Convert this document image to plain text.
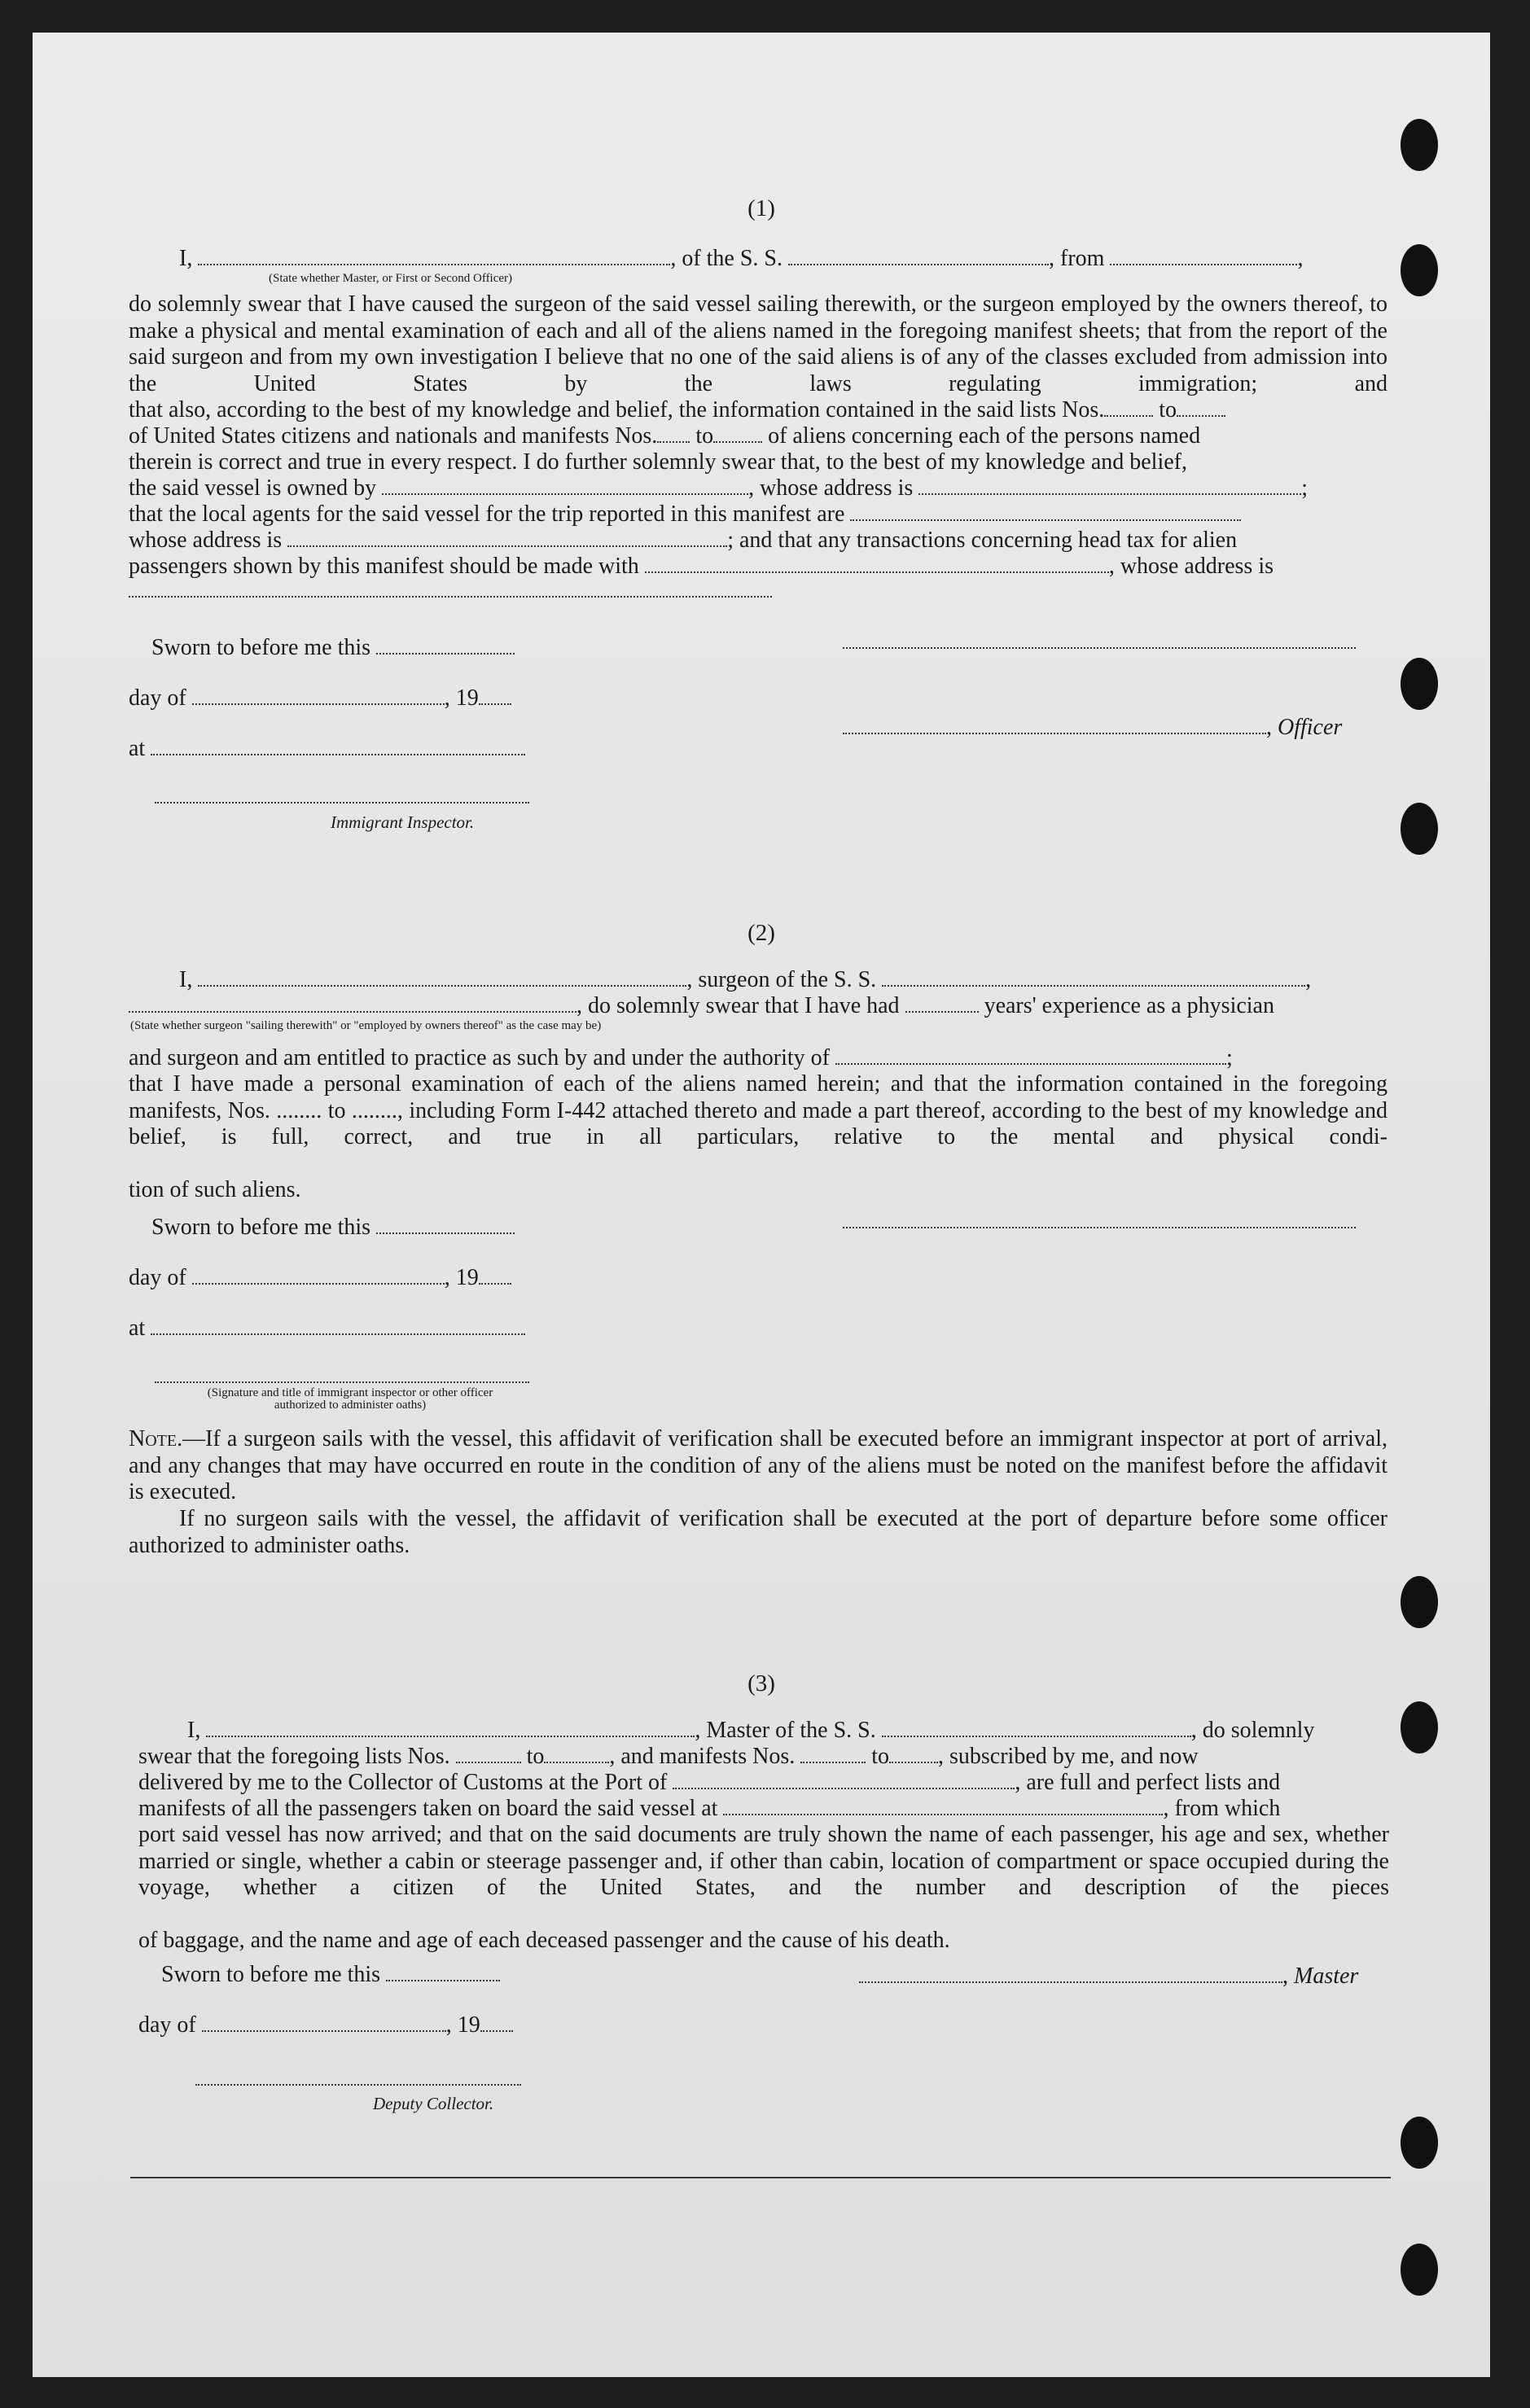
(1)
I,	, of the S. S.	, from	,
(State whether Master, or First or Second Officer)
do solemnly swear that I have caused the surgeon of the said vessel sailing therewith, or the surgeon employed by the owners thereof, to make a physical and mental examination of each and all of the aliens named in the foregoing manifest sheets; that from the report of the said surgeon and from my own investigation I believe that no one of the said aliens is of any of the classes excluded from admission into the United States by the laws regulating immigration; and
that also, according to the best of my knowledge and belief, the information contained in the said lists Nos. to
of United States citizens and nationals and manifests Nos. to of aliens concerning each of the persons named
therein is correct and true in every respect. I do further solemnly swear that, to the best of my knowledge and belief,
the said vessel is owned by	, whose address is	;
that the local agents for the said vessel for the trip reported in this manifest are
whose address is	; and that any transactions concerning head tax for alien
passengers shown by this manifest should be made with	, whose address is
Sworn to before me this
day of	, 19
at
Immigrant Inspector.
, Officer
(2)
I,	, surgeon of the S. S.	,
, do solemnly swear that I have had	years' experience as a physician
(State whether surgeon "sailing therewith" or "employed by owners thereof" as the case may be)
and surgeon and am entitled to practice as such by and under the authority of	;
that I have made a personal examination of each of the aliens named herein; and that the information contained in the foregoing manifests, Nos. ........ to ........, including Form I-442 attached thereto and made a part thereof, according to the best of my knowledge and belief, is full, correct, and true in all particulars, relative to the mental and physical condi-
tion of such aliens.
Sworn to before me this
day of	, 19
at
(Signature and title of immigrant inspector or other officer authorized to administer oaths)
Note.—If a surgeon sails with the vessel, this affidavit of verification shall be executed before an immigrant inspector at port of arrival, and any changes that may have occurred en route in the condition of any of the aliens must be noted on the manifest before the affidavit is executed.
If no surgeon sails with the vessel, the affidavit of verification shall be executed at the port of departure before some officer authorized to administer oaths.
(3)
I,	, Master of the S. S.	, do solemnly
swear that the foregoing lists Nos.	to	, and manifests Nos.	to , subscribed by me, and now
delivered by me to the Collector of Customs at the Port of	, are full and perfect lists and
manifests of all the passengers taken on board the said vessel at	, from which
port said vessel has now arrived; and that on the said documents are truly shown the name of each passenger, his age and sex, whether married or single, whether a cabin or steerage passenger and, if other than cabin, location of compartment or space occupied during the voyage, whether a citizen of the United States, and the number and description of the pieces
of baggage, and the name and age of each deceased passenger and the cause of his death.
Sworn to before me this
day of	, 19
Deputy Collector.
, Master
